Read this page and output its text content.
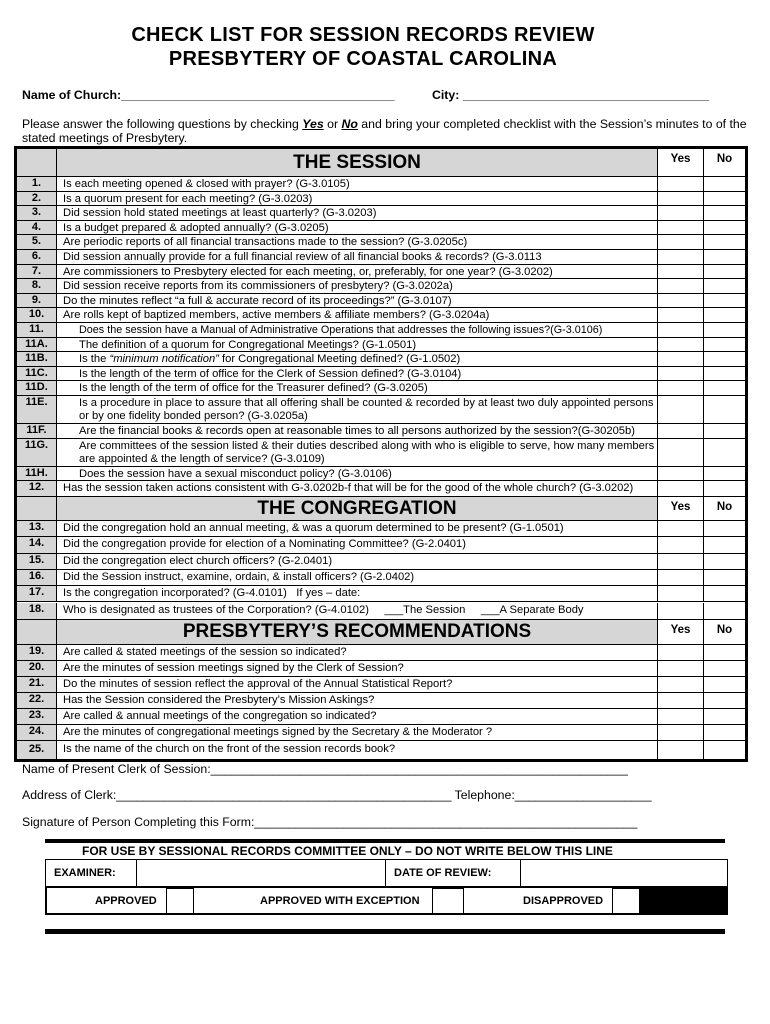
CHECK LIST FOR SESSION RECORDS REVIEW
PRESBYTERY OF COASTAL CAROLINA
Name of Church:________________________________________	City: ____________________________________
Please answer the following questions by checking Yes or No and bring your completed checklist with the Session’s minutes to of the stated meetings of Presbytery.
THE SESSION	Yes	No
1.	Is each meeting opened & closed with prayer? (G-3.0105)
2.	Is a quorum present for each meeting? (G-3.0203)
3.	Did session hold stated meetings at least quarterly? (G-3.0203)
4.	Is a budget prepared & adopted annually? (G-3.0205)
5.	Are periodic reports of all financial transactions made to the session? (G-3.0205c)
6.	Did session annually provide for a full financial review of all financial books & records? (G-3.0113
7.	Are commissioners to Presbytery elected for each meeting, or, preferably, for one year? (G-3.0202)
8.	Did session receive reports from its commissioners of presbytery? (G-3.0202a)
9.	Do the minutes reflect “a full & accurate record of its proceedings?” (G-3.0107)
10.	Are rolls kept of baptized members, active members & affiliate members? (G-3.0204a)
11.	Does the session have a Manual of Administrative Operations that addresses the following issues?(G-3.0106)
11A.	The definition of a quorum for Congregational Meetings? (G-1.0501)
11B.	Is the “minimum notification” for Congregational Meeting defined? (G-1.0502)
11C.	Is the length of the term of office for the Clerk of Session defined? (G-3.0104)
11D.	Is the length of the term of office for the Treasurer defined? (G-3.0205)
11E.	Is a procedure in place to assure that all offering shall be counted & recorded by at least two duly appointed persons or by one fidelity bonded person? (G-3.0205a)
11F.	Are the financial books & records open at reasonable times to all persons authorized by the session?(G-30205b)
11G.	Are committees of the session listed & their duties described along with who is eligible to serve, how many members are appointed & the length of service? (G-3.0109)
11H.	Does the session have a sexual misconduct policy? (G-3.0106)
12.	Has the session taken actions consistent with G-3.0202b-f that will be for the good of the whole church? (G-3.0202)
THE CONGREGATION	Yes	No
13.	Did the congregation hold an annual meeting, & was a quorum determined to be present? (G-1.0501)
14.	Did the congregation provide for election of a Nominating Committee? (G-2.0401)
15.	Did the congregation elect church officers? (G-2.0401)
16.	Did the Session instruct, examine, ordain, & install officers? (G-2.0402)
17.	Is the congregation incorporated? (G-4.0101)   If yes – date:
18.	Who is designated as trustees of the Corporation? (G-4.0102)     ___The Session     ___A Separate Body
PRESBYTERY’S RECOMMENDATIONS	Yes	No
19.	Are called & stated meetings of the session so indicated?
20.	Are the minutes of session meetings signed by the Clerk of Session?
21.	Do the minutes of session reflect the approval of the Annual Statistical Report?
22.	Has the Session considered the Presbytery’s Mission Askings?
23.	Are called & annual meetings of the congregation so indicated?
24.	Are the minutes of congregational meetings signed by the Secretary & the Moderator ?
25.	Is the name of the church on the front of the session records book?
Name of Present Clerk of Session:_____________________________________________________________
Address of Clerk:_________________________________________________ Telephone:____________________
Signature of Person Completing this Form:________________________________________________________
FOR USE BY SESSIONAL RECORDS COMMITTEE ONLY – DO NOT WRITE BELOW THIS LINE
EXAMINER:	DATE OF REVIEW:
APPROVED	APPROVED WITH EXCEPTION	DISAPPROVED
